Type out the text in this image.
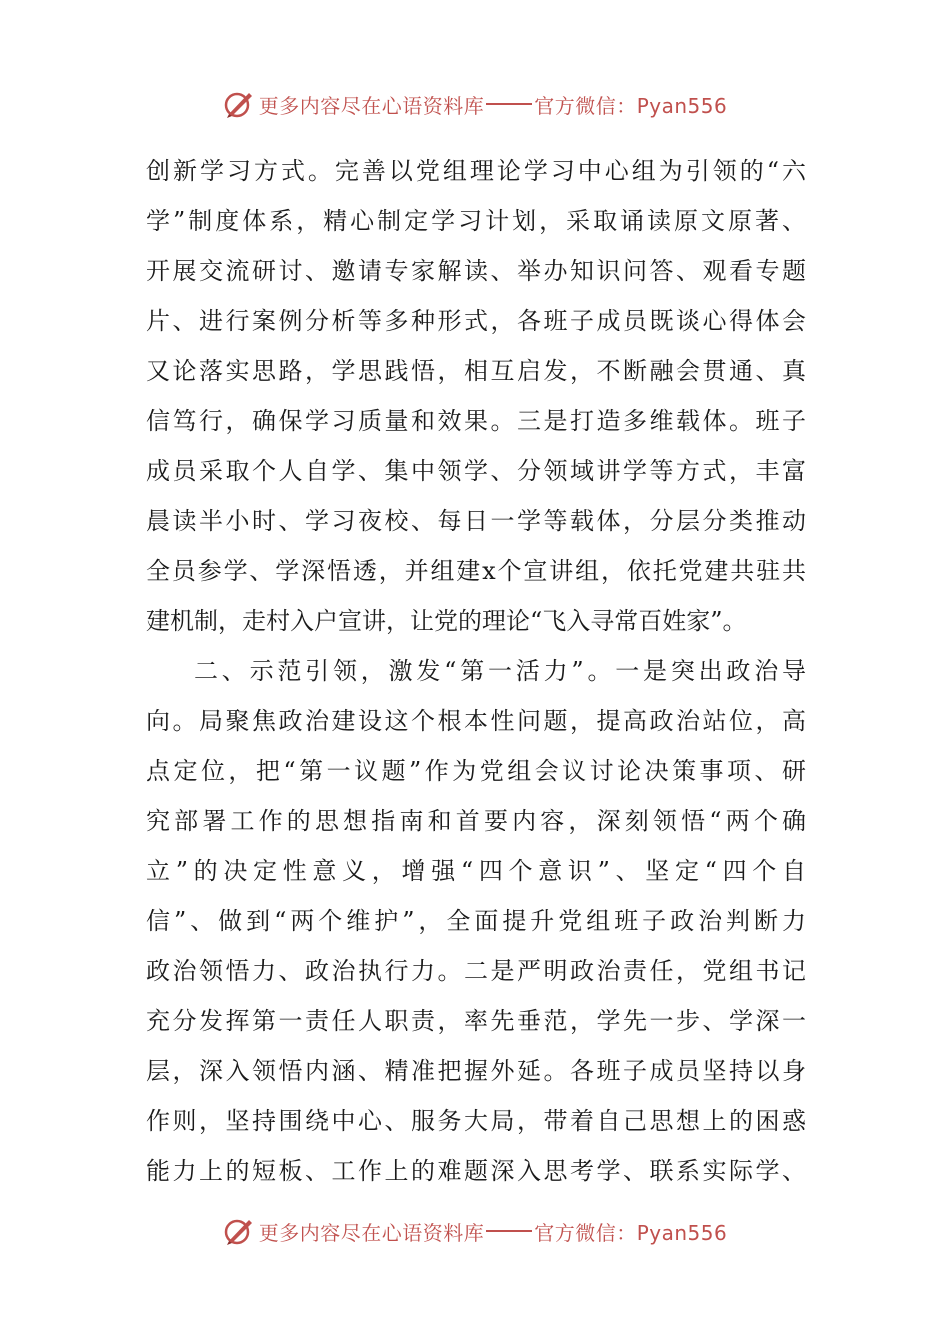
更多内容尽在心语资料库	官方微信：Pyan556
创新学习方式。完善以党组理论学习中心组为引领的“六
学”制度体系，精心制定学习计划，采取诵读原文原著、
开展交流研讨、邀请专家解读、举办知识问答、观看专题
片、进行案例分析等多种形式，各班子成员既谈心得体会
又论落实思路，学思践悟，相互启发，不断融会贯通、真
信笃行，确保学习质量和效果。三是打造多维载体。班子
成员采取个人自学、集中领学、分领域讲学等方式，丰富
晨读半小时、学习夜校、每日一学等载体，分层分类推动
全员参学、学深悟透，并组建x个宣讲组，依托党建共驻共
建机制，走村入户宣讲，让党的理论“飞入寻常百姓家”。
二、示范引领，激发“第一活力”。一是突出政治导
向。局聚焦政治建设这个根本性问题，提高政治站位，高
点定位，把“第一议题”作为党组会议讨论决策事项、研
究部署工作的思想指南和首要内容，深刻领悟“两个确
立”的决定性意义，增强“四个意识”、坚定“四个自
信”、做到“两个维护”，全面提升党组班子政治判断力
政治领悟力、政治执行力。二是严明政治责任，党组书记
充分发挥第一责任人职责，率先垂范，学先一步、学深一
层，深入领悟内涵、精准把握外延。各班子成员坚持以身
作则，坚持围绕中心、服务大局，带着自己思想上的困惑
能力上的短板、工作上的难题深入思考学、联系实际学、
更多内容尽在心语资料库	官方微信：Pyan556
